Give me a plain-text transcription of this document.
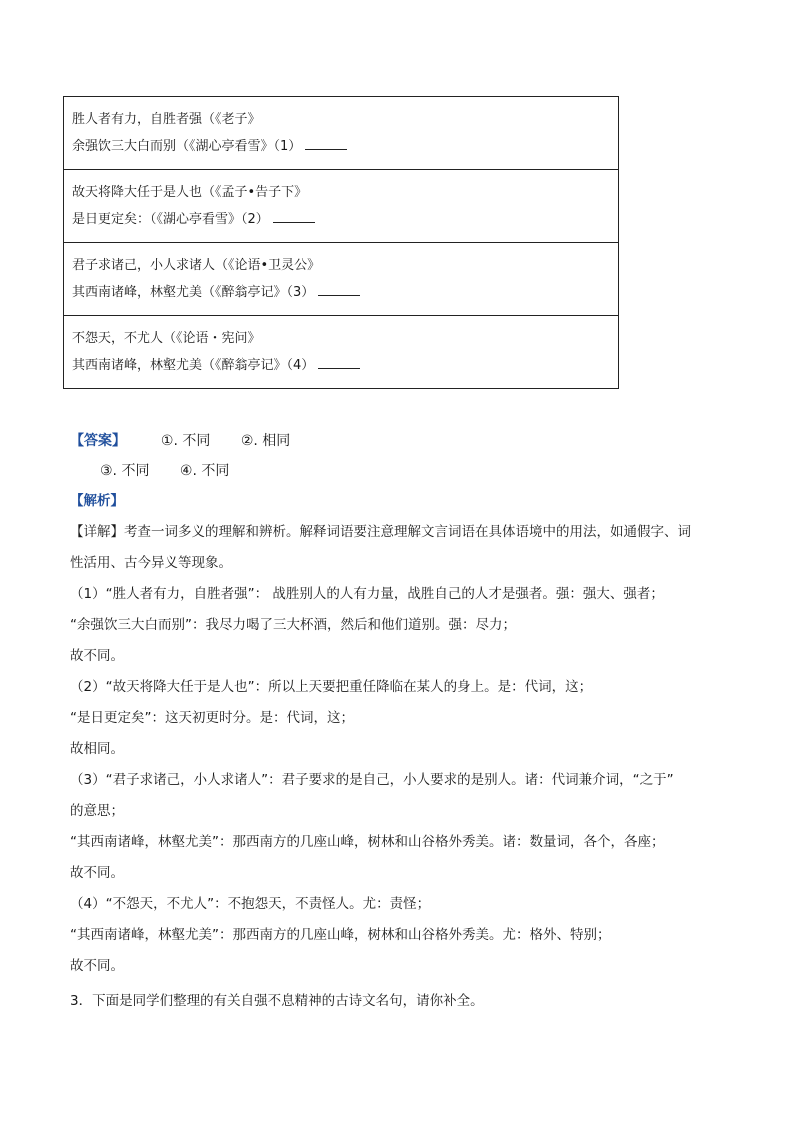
胜人者有力，自胜者强（《老子》
余强饮三大白而别（《湖心亭看雪》（1）

故天将降大任于是人也（《孟子•告子下》
是日更定矣：（《湖心亭看雪》（2）

君子求诸己，小人求诸人（《论语•卫灵公》
其西南诸峰，林壑尤美（《醉翁亭记》（3）

不怨天，不尤人（《论语・宪问》
其西南诸峰，林壑尤美（《醉翁亭记》（4）
【答案】 ①. 不同 ②. 相同
③. 不同 ④. 不同

【解析】

【详解】考查一词多义的理解和辨析。解释词语要注意理解文言词语在具体语境中的用法，如通假字、词

性活用、古今异义等现象。

（1）“胜人者有力，自胜者强”： 战胜别人的人有力量，战胜自己的人才是强者。强：强大、强者；

“余强饮三大白而别”：我尽力喝了三大杯酒，然后和他们道别。强：尽力；

故不同。

（2）“故天将降大任于是人也”：所以上天要把重任降临在某人的身上。是：代词，这；

“是日更定矣”：这天初更时分。是：代词，这；

故相同。

（3）“君子求诸己，小人求诸人”：君子要求的是自己，小人要求的是别人。诸：代词兼介词，“之于”

的意思；

“其西南诸峰，林壑尤美”：那西南方的几座山峰，树林和山谷格外秀美。诸：数量词，各个，各座；

故不同。

（4）“不怨天，不尤人”：不抱怨天，不责怪人。尤：责怪；

“其西南诸峰，林壑尤美”：那西南方的几座山峰，树林和山谷格外秀美。尤：格外、特别；

故不同。

3．下面是同学们整理的有关自强不息精神的古诗文名句，请你补全。
